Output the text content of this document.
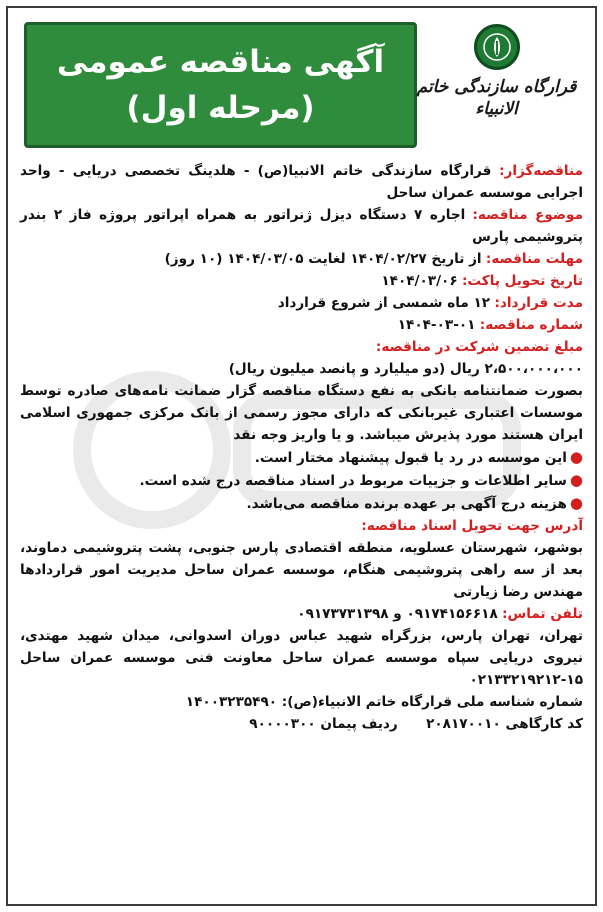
آگهی مناقصه عمومی
(مرحله اول)
قرارگاه سازندگی خاتم الانبیاء
مناقصه‌گزار: قرارگاه سازندگی خاتم الانبیا(ص) - هلدینگ تخصصی دریایی - واحد اجرایی موسسه عمران ساحل
موضوع مناقصه: اجاره ۷ دستگاه دیزل ژنراتور به همراه اپراتور پروژه فاز ۲ بندر پتروشیمی پارس
مهلت مناقصه: از تاریخ ۱۴۰۴/۰۲/۲۷ لغایت ۱۴۰۴/۰۳/۰۵ (۱۰ روز)
تاریخ تحویل پاکت: ۱۴۰۴/۰۳/۰۶
مدت قرارداد: ۱۲ ماه شمسی از شروع قرارداد
شماره مناقصه: ۰۱-۰۳-۱۴۰۴
مبلغ تضمین شرکت در مناقصه:
۲،۵۰۰،۰۰۰،۰۰۰ ریال (دو میلیارد و پانصد میلیون ریال)
بصورت ضمانتنامه بانکی به نفع دستگاه مناقصه گزار ضمانت نامه‌های صادره توسط موسسات اعتباری غیربانکی که دارای مجوز رسمی از بانک مرکزی جمهوری اسلامی ایران هستند مورد پذیرش میباشد. و یا واریز وجه نقد
●این موسسه در رد یا قبول پیشنهاد مختار است.
●سایر اطلاعات و جزییات مربوط در اسناد مناقصه درج شده است.
●هزینه درج آگهی بر عهده برنده مناقصه می‌باشد.
آدرس جهت تحویل اسناد مناقصه:
بوشهر، شهرستان عسلویه، منطقه اقتصادی پارس جنوبی، پشت پتروشیمی دماوند، بعد از سه راهی پتروشیمی هنگام، موسسه عمران ساحل مدیریت امور قراردادها مهندس رضا زیارتی
تلفن تماس: ۰۹۱۷۴۱۵۶۶۱۸ و ۰۹۱۷۳۷۳۱۳۹۸
تهران، تهران پارس، بزرگراه شهید عباس دوران اسدوانی، میدان شهید مهتدی، نیروی دریایی سپاه موسسه عمران ساحل معاونت فنی موسسه عمران ساحل ۱۵-۰۲۱۳۳۲۱۹۲۱۲
شماره شناسه ملی قرارگاه خاتم الانبیاء(ص): ۱۴۰۰۳۲۳۵۴۹۰
کد کارگاهی ۲۰۸۱۷۰۰۱۰ ردیف پیمان ۹۰۰۰۰۳۰۰
